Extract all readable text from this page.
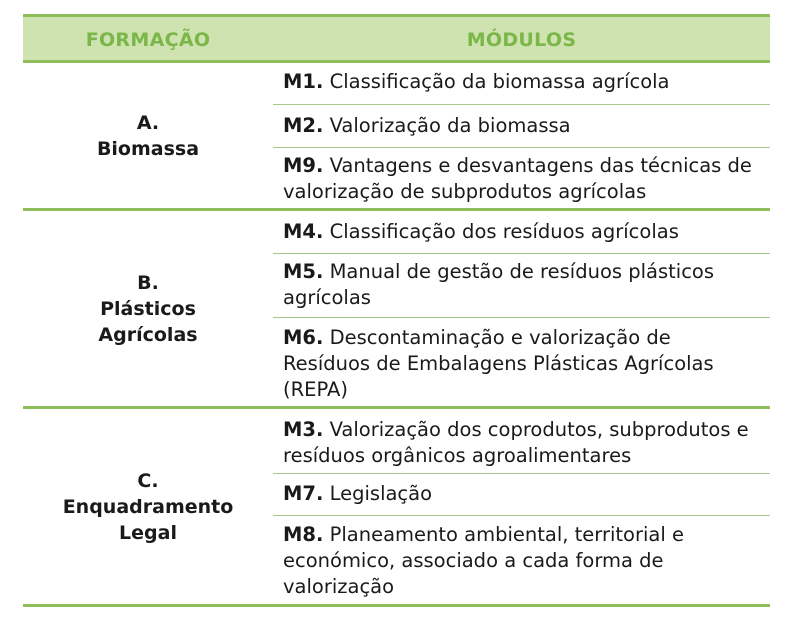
FORMAÇÃO	MÓDULOS
A.
Biomassa
M1. Classificação da biomassa agrícola
M2. Valorização da biomassa
M9. Vantagens e desvantagens das técnicas de valorização de subprodutos agrícolas
B.
Plásticos
Agrícolas
M4. Classificação dos resíduos agrícolas
M5. Manual de gestão de resíduos plásticos agrícolas
M6. Descontaminação e valorização de Resíduos de Embalagens Plásticas Agrícolas (REPA)
C.
Enquadramento
Legal
M3. Valorização dos coprodutos, subprodutos e resíduos orgânicos agroalimentares
M7. Legislação
M8. Planeamento ambiental, territorial e económico, associado a cada forma de valorização
